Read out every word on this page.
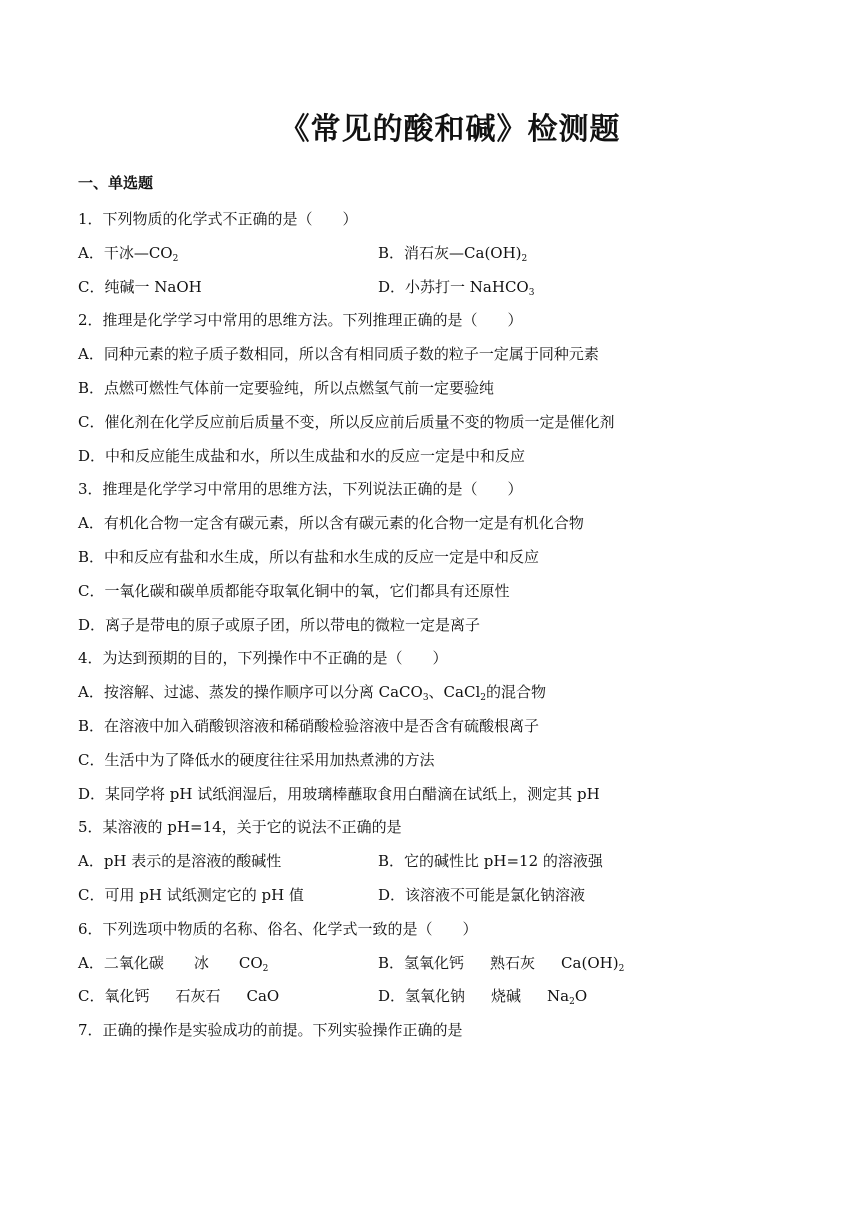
《常见的酸和碱》检测题
一、单选题
1．下列物质的化学式不正确的是（　　）
A．干冰$—CO_2$	B．消石灰$—Ca(OH)_2$
C．纯碱一 NaOH	D．小苏打一 NaHCO$_3$
2．推理是化学学习中常用的思维方法。下列推理正确的是（　　）
A．同种元素的粒子质子数相同，所以含有相同质子数的粒子一定属于同种元素
B．点燃可燃性气体前一定要验纯，所以点燃氢气前一定要验纯
C．催化剂在化学反应前后质量不变，所以反应前后质量不变的物质一定是催化剂
D．中和反应能生成盐和水，所以生成盐和水的反应一定是中和反应
3．推理是化学学习中常用的思维方法，下列说法正确的是（　　）
A．有机化合物一定含有碳元素，所以含有碳元素的化合物一定是有机化合物
B．中和反应有盐和水生成，所以有盐和水生成的反应一定是中和反应
C．一氧化碳和碳单质都能夺取氧化铜中的氧，它们都具有还原性
D．离子是带电的原子或原子团，所以带电的微粒一定是离子
4．为达到预期的目的，下列操作中不正确的是（　　）
A．按溶解、过滤、蒸发的操作顺序可以分离 CaCO$_3$、CaCl$_2$的混合物
B．在溶液中加入硝酸钡溶液和稀硝酸检验溶液中是否含有硫酸根离子
C．生活中为了降低水的硬度往往采用加热煮沸的方法
D．某同学将 pH 试纸润湿后，用玻璃棒蘸取食用白醋滴在试纸上，测定其 pH
5．某溶液的 pH=14，关于它的说法不正确的是
A．pH 表示的是溶液的酸碱性	B．它的碱性比 pH=12 的溶液强
C．可用 pH 试纸测定它的 pH 值	D．该溶液不可能是氯化钠溶液
6．下列选项中物质的名称、俗名、化学式一致的是（　　）
A．二氧化碳 冰 $CO_2$	B．氢氧化钙 熟石灰 $Ca(OH)_2$
C．氧化钙 石灰石 CaO	D．氢氧化钠 烧碱 $Na_2O$
7．正确的操作是实验成功的前提。下列实验操作正确的是
